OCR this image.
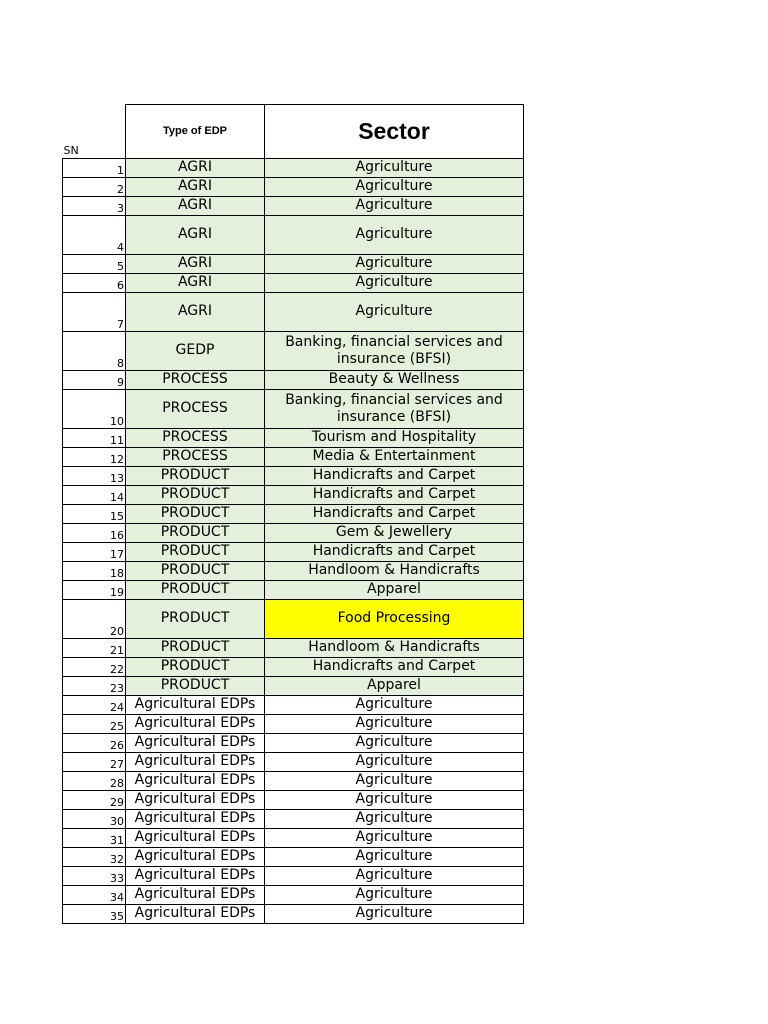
SN	Type of EDP	Sector
1	AGRI	Agriculture
2	AGRI	Agriculture
3	AGRI	Agriculture
4	AGRI	Agriculture
5	AGRI	Agriculture
6	AGRI	Agriculture
7	AGRI	Agriculture
8	GEDP	Banking, financial services and insurance (BFSI)
9	PROCESS	Beauty & Wellness
10	PROCESS	Banking, financial services and insurance (BFSI)
11	PROCESS	Tourism and Hospitality
12	PROCESS	Media & Entertainment
13	PRODUCT	Handicrafts and Carpet
14	PRODUCT	Handicrafts and Carpet
15	PRODUCT	Handicrafts and Carpet
16	PRODUCT	Gem & Jewellery
17	PRODUCT	Handicrafts and Carpet
18	PRODUCT	Handloom & Handicrafts
19	PRODUCT	Apparel
20	PRODUCT	Food Processing
21	PRODUCT	Handloom & Handicrafts
22	PRODUCT	Handicrafts and Carpet
23	PRODUCT	Apparel
24	Agricultural EDPs	Agriculture
25	Agricultural EDPs	Agriculture
26	Agricultural EDPs	Agriculture
27	Agricultural EDPs	Agriculture
28	Agricultural EDPs	Agriculture
29	Agricultural EDPs	Agriculture
30	Agricultural EDPs	Agriculture
31	Agricultural EDPs	Agriculture
32	Agricultural EDPs	Agriculture
33	Agricultural EDPs	Agriculture
34	Agricultural EDPs	Agriculture
35	Agricultural EDPs	Agriculture
